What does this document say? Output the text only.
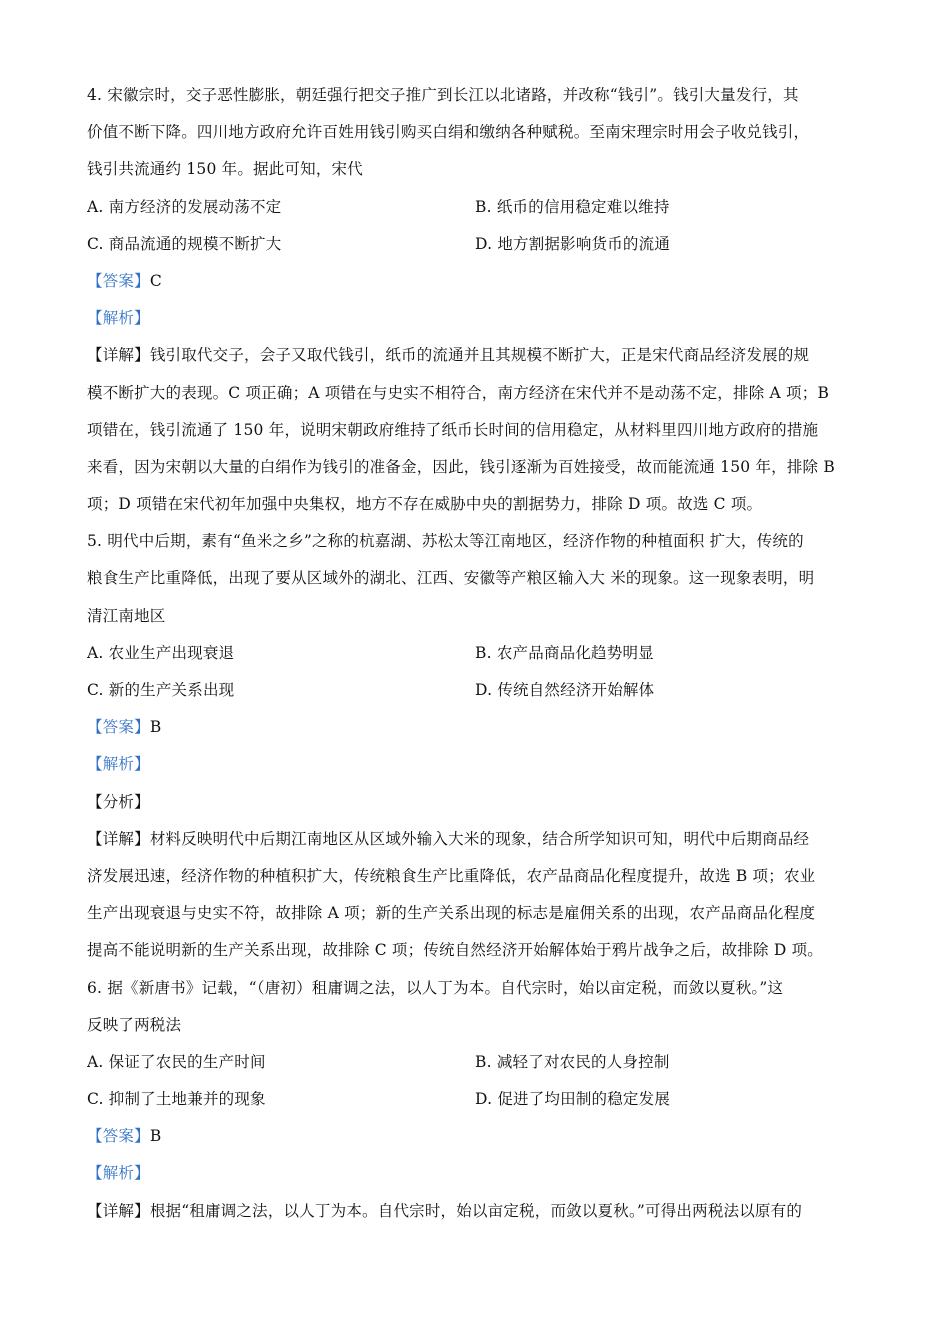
4. 宋徽宗时，交子恶性膨胀，朝廷强行把交子推广到长江以北诸路，并改称“钱引”。钱引大量发行，其
价值不断下降。四川地方政府允许百姓用钱引购买白绢和缴纳各种赋税。至南宋理宗时用会子收兑钱引，
钱引共流通约 150 年。据此可知，宋代
A. 南方经济的发展动荡不定	B. 纸币的信用稳定难以维持
C. 商品流通的规模不断扩大	D. 地方割据影响货币的流通
【答案】C
【解析】
【详解】钱引取代交子，会子又取代钱引，纸币的流通并且其规模不断扩大，正是宋代商品经济发展的规
模不断扩大的表现。C 项正确；A 项错在与史实不相符合，南方经济在宋代并不是动荡不定，排除 A 项；B
项错在，钱引流通了 150 年，说明宋朝政府维持了纸币长时间的信用稳定，从材料里四川地方政府的措施
来看，因为宋朝以大量的白绢作为钱引的准备金，因此，钱引逐渐为百姓接受，故而能流通 150 年，排除 B
项；D 项错在宋代初年加强中央集权，地方不存在威胁中央的割据势力，排除 D 项。故选 C 项。
5. 明代中后期，素有“鱼米之乡”之称的杭嘉湖、苏松太等江南地区，经济作物的种植面积 扩大，传统的
粮食生产比重降低，出现了要从区域外的湖北、江西、安徽等产粮区输入大 米的现象。这一现象表明，明
清江南地区
A. 农业生产出现衰退	B. 农产品商品化趋势明显
C. 新的生产关系出现	D. 传统自然经济开始解体
【答案】B
【解析】
【分析】
【详解】材料反映明代中后期江南地区从区域外输入大米的现象，结合所学知识可知，明代中后期商品经
济发展迅速，经济作物的种植积扩大，传统粮食生产比重降低，农产品商品化程度提升，故选 B 项；农业
生产出现衰退与史实不符，故排除 A 项；新的生产关系出现的标志是雇佣关系的出现，农产品商品化程度
提高不能说明新的生产关系出现，故排除 C 项；传统自然经济开始解体始于鸦片战争之后，故排除 D 项。
6. 据《新唐书》记载，“（唐初）租庸调之法，以人丁为本。自代宗时，始以亩定税，而敛以夏秋。”这
反映了两税法
A. 保证了农民的生产时间	B. 减轻了对农民的人身控制
C. 抑制了土地兼并的现象	D. 促进了均田制的稳定发展
【答案】B
【解析】
【详解】根据“租庸调之法，以人丁为本。自代宗时，始以亩定税，而敛以夏秋。”可得出两税法以原有的
